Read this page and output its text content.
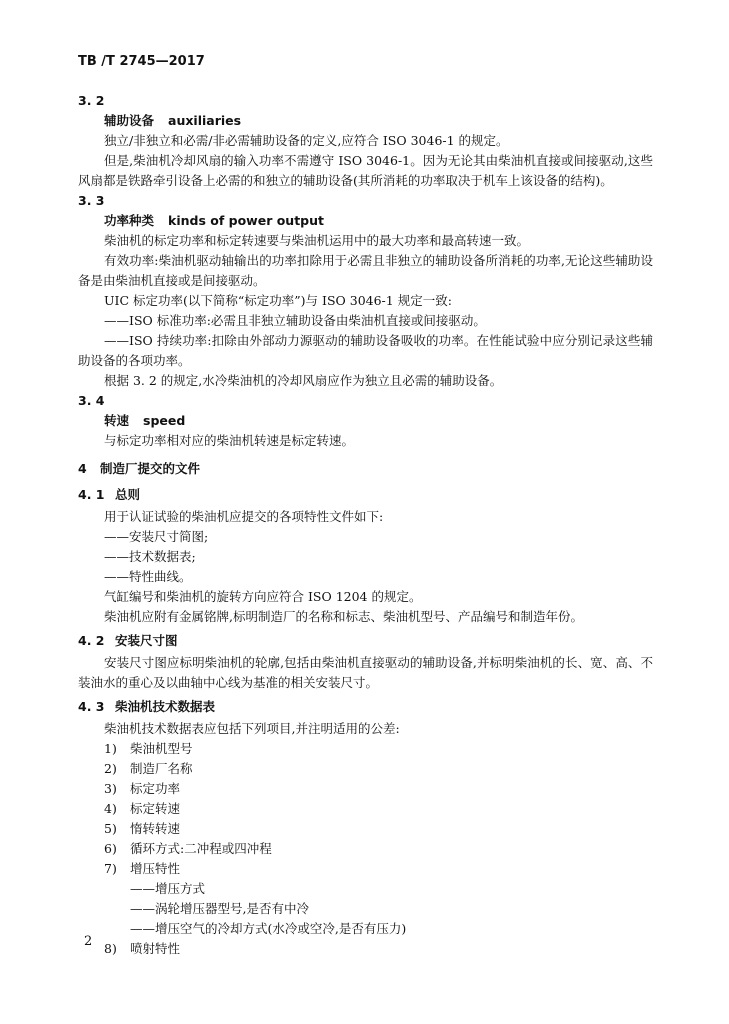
TB /T 2745—2017
3. 2
辅助设备 auxiliaries

独立/非独立和必需/非必需辅助设备的定义,应符合 ISO 3046-1 的规定。

但是,柴油机冷却风扇的输入功率不需遵守 ISO 3046-1。因为无论其由柴油机直接或间接驱动,这些风扇都是铁路牵引设备上必需的和独立的辅助设备(其所消耗的功率取决于机车上该设备的结构)。

3. 3
功率种类 kinds of power output

柴油机的标定功率和标定转速要与柴油机运用中的最大功率和最高转速一致。

有效功率:柴油机驱动轴输出的功率扣除用于必需且非独立的辅助设备所消耗的功率,无论这些辅助设备是由柴油机直接或是间接驱动。

UIC 标定功率(以下简称“标定功率”)与 ISO 3046-1 规定一致:

——ISO 标准功率:必需且非独立辅助设备由柴油机直接或间接驱动。

——ISO 持续功率:扣除由外部动力源驱动的辅助设备吸收的功率。在性能试验中应分别记录这些辅助设备的各项功率。

根据 3. 2 的规定,水冷柴油机的冷却风扇应作为独立且必需的辅助设备。

3. 4
转速 speed

与标定功率相对应的柴油机转速是标定转速。

4 制造厂提交的文件
4. 1 总则

用于认证试验的柴油机应提交的各项特性文件如下:

——安装尺寸简图;

——技术数据表;

——特性曲线。

气缸编号和柴油机的旋转方向应符合 ISO 1204 的规定。

柴油机应附有金属铭牌,标明制造厂的名称和标志、柴油机型号、产品编号和制造年份。

4. 2 安装尺寸图

安装尺寸图应标明柴油机的轮廓,包括由柴油机直接驱动的辅助设备,并标明柴油机的长、宽、高、不装油水的重心及以曲轴中心线为基准的相关安装尺寸。

4. 3 柴油机技术数据表

柴油机技术数据表应包括下列项目,并注明适用的公差:

1) 柴油机型号
2) 制造厂名称
3) 标定功率
4) 标定转速
5) 惰转转速
6) 循环方式:二冲程或四冲程
7) 增压特性
——增压方式
——涡轮增压器型号,是否有中冷
——增压空气的冷却方式(水冷或空冷,是否有压力)
8) 喷射特性
2
